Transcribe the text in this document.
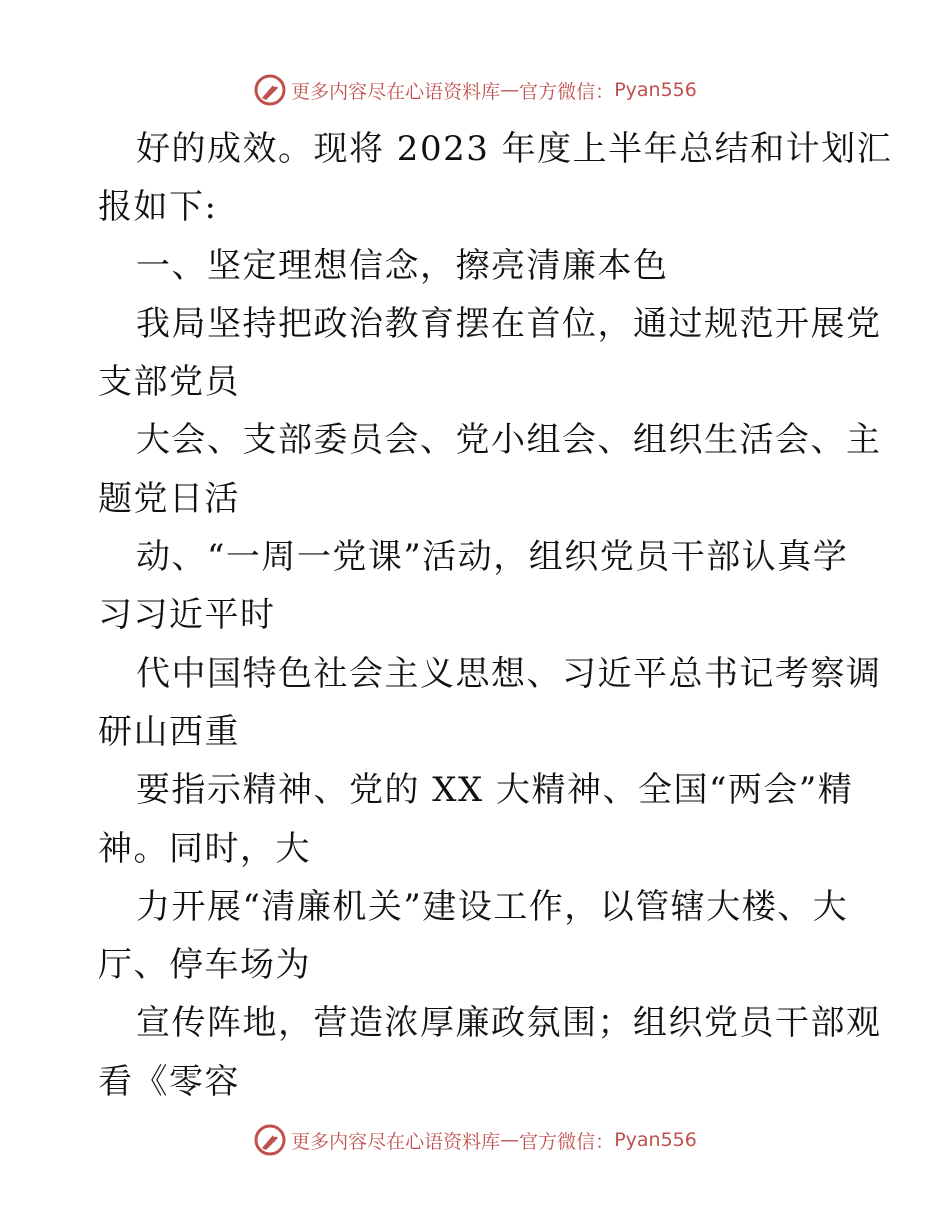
更多内容尽在心语资料库 — 官方微信： Pyan556
好的成效。现将 2023 年度上半年总结和计划汇
报如下:
一、坚定理想信念，擦亮清廉本色
我局坚持把政治教育摆在首位，通过规范开展党
支部党员
大会、支部委员会、党小组会、组织生活会、主
题党日活
动、“一周一党课”活动，组织党员干部认真学
习习近平时
代中国特色社会主义思想、习近平总书记考察调
研山西重
要指示精神、党的 XX 大精神、全国“两会”精
神。同时，大
力开展“清廉机关”建设工作，以管辖大楼、大
厅、停车场为
宣传阵地，营造浓厚廉政氛围；组织党员干部观
看《零容
更多内容尽在心语资料库 — 官方微信： Pyan556
